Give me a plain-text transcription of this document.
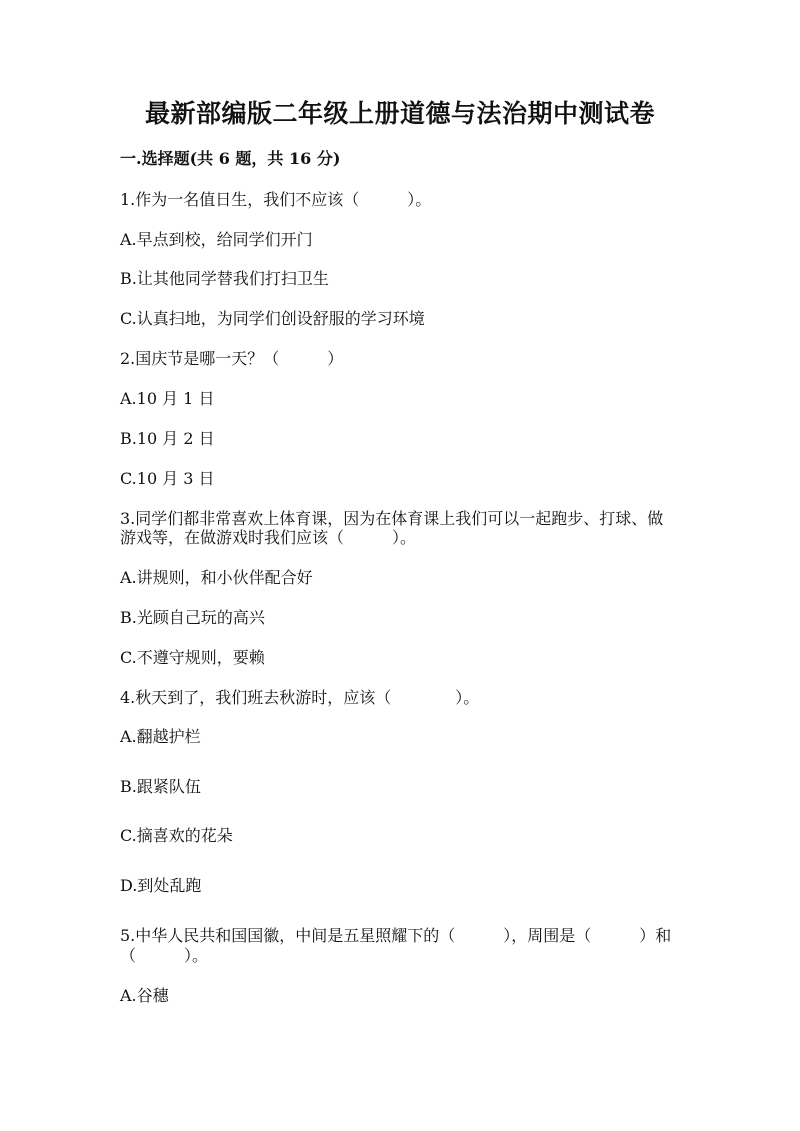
最新部编版二年级上册道德与法治期中测试卷
一.选择题(共 6 题，共 16 分)
1.作为一名值日生，我们不应该（　　　）。
A.早点到校，给同学们开门
B.让其他同学替我们打扫卫生
C.认真扫地，为同学们创设舒服的学习环境
2.国庆节是哪一天？（　　　）
A.10 月 1 日
B.10 月 2 日
C.10 月 3 日
3.同学们都非常喜欢上体育课，因为在体育课上我们可以一起跑步、打球、做
游戏等，在做游戏时我们应该（　　　）。
A.讲规则，和小伙伴配合好
B.光顾自己玩的高兴
C.不遵守规则，要赖
4.秋天到了，我们班去秋游时，应该（　　　　）。
A.翻越护栏
B.跟紧队伍
C.摘喜欢的花朵
D.到处乱跑
5.中华人民共和国国徽，中间是五星照耀下的（　　　），周围是（　　　）和
（　　　）。
A.谷穗
